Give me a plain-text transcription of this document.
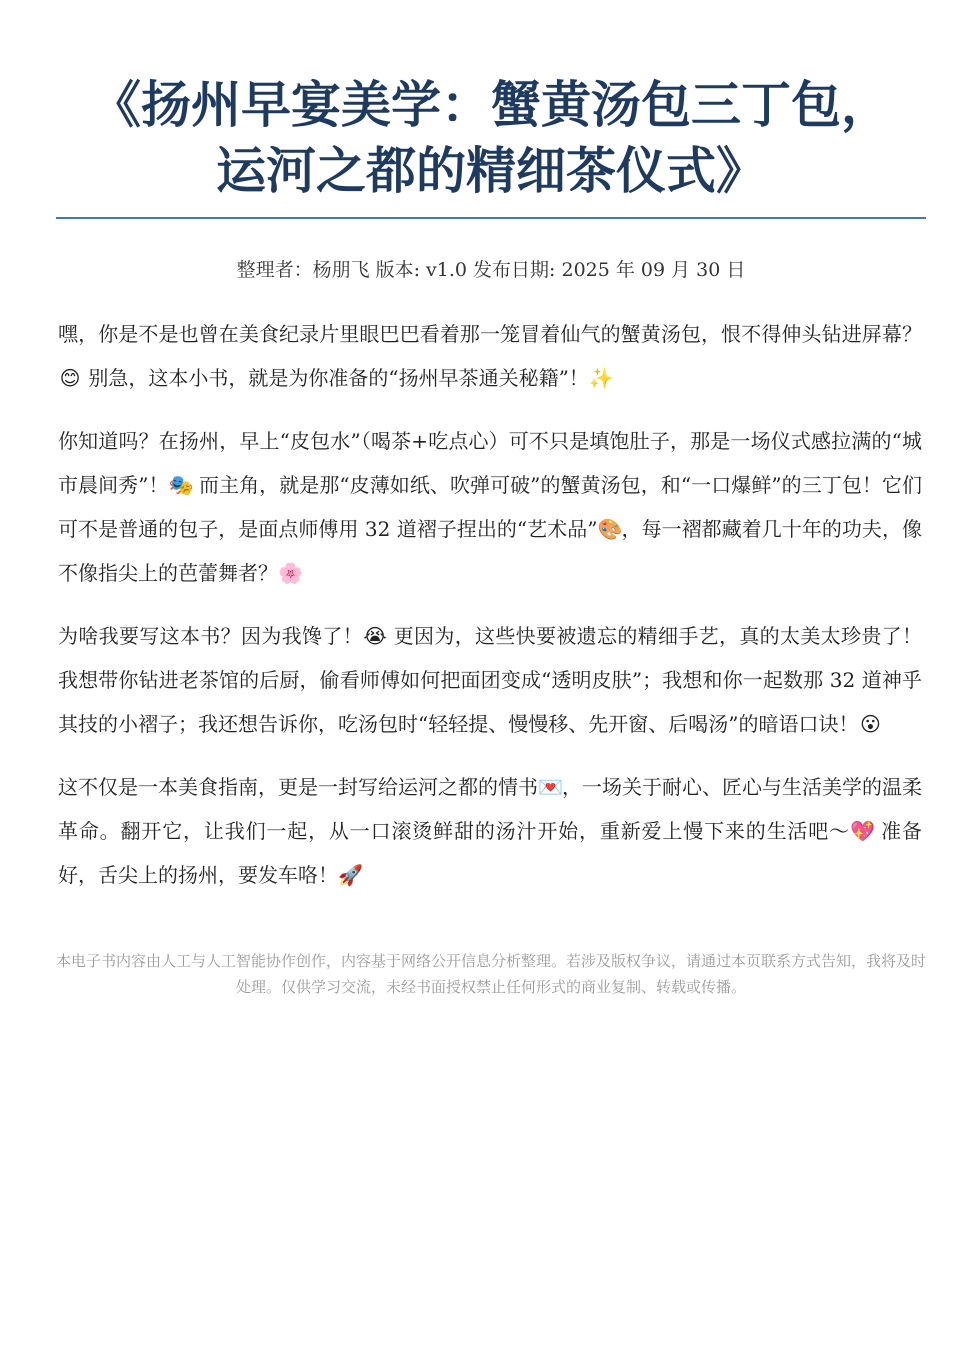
《扬州早宴美学：蟹黄汤包三丁包，
运河之都的精细茶仪式》
整理者：杨朋飞 版本: v1.0 发布日期: 2025 年 09 月 30 日

嘿，你是不是也曾在美食纪录片里眼巴巴看着那一笼冒着仙气的蟹黄汤包，恨不得伸头钻进屏幕？😊 别急，这本小书，就是为你准备的“扬州早茶通关秘籍”！✨

你知道吗？在扬州，早上“皮包水”（喝茶+吃点心）可不只是填饱肚子，那是一场仪式感拉满的“城市晨间秀”！🎭 而主角，就是那“皮薄如纸、吹弹可破”的蟹黄汤包，和“一口爆鲜”的三丁包！它们可不是普通的包子，是面点师傅用 32 道褶子捏出的“艺术品”🎨，每一褶都藏着几十年的功夫，像不像指尖上的芭蕾舞者？🌸

为啥我要写这本书？因为我馋了！😭 更因为，这些快要被遗忘的精细手艺，真的太美太珍贵了！我想带你钻进老茶馆的后厨，偷看师傅如何把面团变成“透明皮肤”；我想和你一起数那 32 道神乎其技的小褶子；我还想告诉你，吃汤包时“轻轻提、慢慢移、先开窗、后喝汤”的暗语口诀！😮

这不仅是一本美食指南，更是一封写给运河之都的情书💌，一场关于耐心、匠心与生活美学的温柔革命。翻开它，让我们一起，从一口滚烫鲜甜的汤汁开始，重新爱上慢下来的生活吧～💖 准备好，舌尖上的扬州，要发车咯！🚀

本电子书内容由人工与人工智能协作创作，内容基于网络公开信息分析整理。若涉及版权争议，请通过本页联系方式告知，我将及时处理。仅供学习交流，未经书面授权禁止任何形式的商业复制、转载或传播。
